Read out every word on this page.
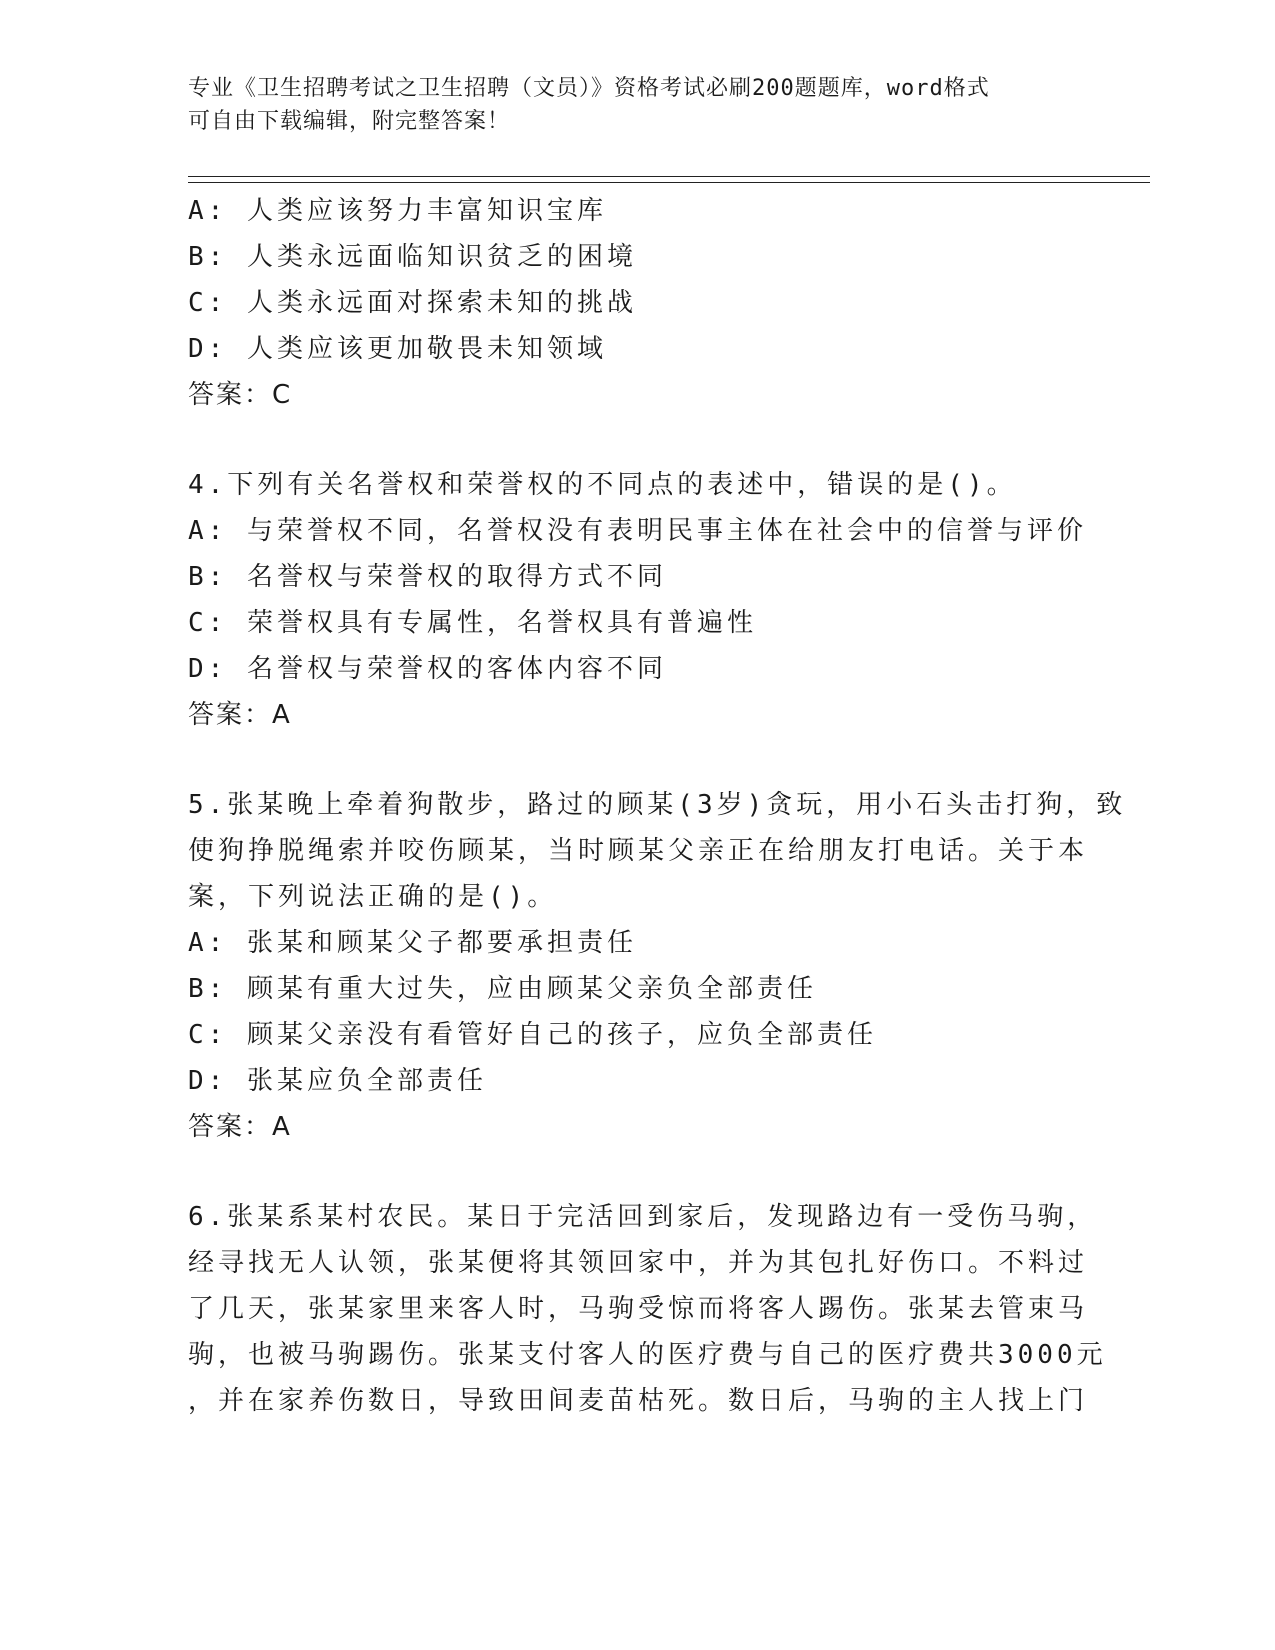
专业《卫生招聘考试之卫生招聘（文员）》资格考试必刷200题题库，word格式
可自由下载编辑，附完整答案！
A: 人类应该努力丰富知识宝库
B: 人类永远面临知识贫乏的困境
C: 人类永远面对探索未知的挑战
D: 人类应该更加敬畏未知领域
答案：C
4.下列有关名誉权和荣誉权的不同点的表述中，错误的是()。
A: 与荣誉权不同，名誉权没有表明民事主体在社会中的信誉与评价
B: 名誉权与荣誉权的取得方式不同
C: 荣誉权具有专属性，名誉权具有普遍性
D: 名誉权与荣誉权的客体内容不同
答案：A
5.张某晚上牵着狗散步，路过的顾某(3岁)贪玩，用小石头击打狗，致
使狗挣脱绳索并咬伤顾某，当时顾某父亲正在给朋友打电话。关于本
案，下列说法正确的是()。
A: 张某和顾某父子都要承担责任
B: 顾某有重大过失，应由顾某父亲负全部责任
C: 顾某父亲没有看管好自己的孩子，应负全部责任
D: 张某应负全部责任
答案：A
6.张某系某村农民。某日于完活回到家后，发现路边有一受伤马驹，
经寻找无人认领，张某便将其领回家中，并为其包扎好伤口。不料过
了几天，张某家里来客人时，马驹受惊而将客人踢伤。张某去管束马
驹，也被马驹踢伤。张某支付客人的医疗费与自己的医疗费共3000元
，并在家养伤数日，导致田间麦苗枯死。数日后，马驹的主人找上门
